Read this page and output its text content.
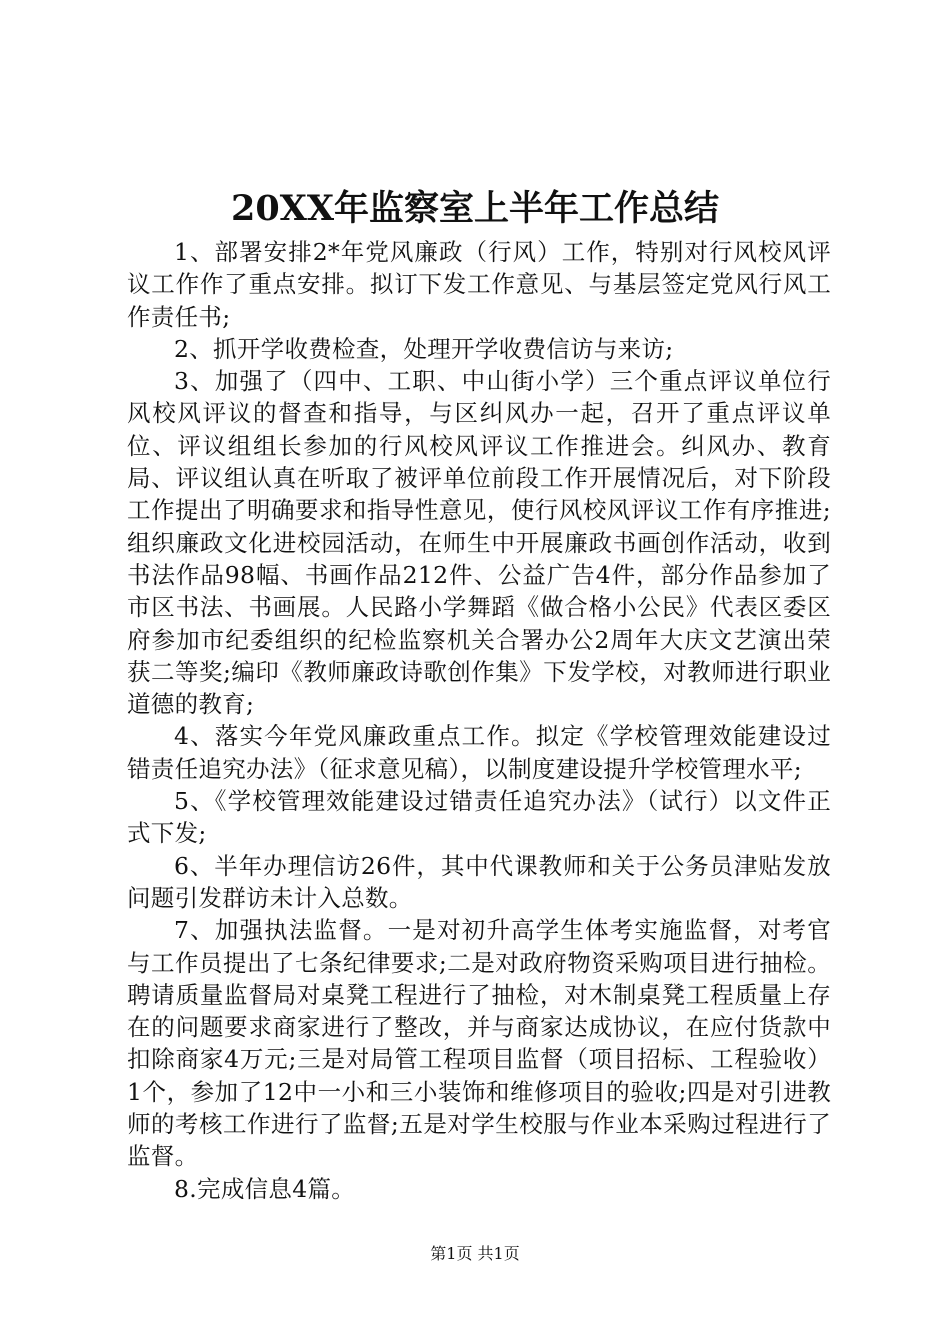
20XX年监察室上半年工作总结

1、部署安排2*年党风廉政（行风）工作，特别对行风校风评议工作作了重点安排。拟订下发工作意见、与基层签定党风行风工作责任书;

2、抓开学收费检查，处理开学收费信访与来访;

3、加强了（四中、工职、中山街小学）三个重点评议单位行风校风评议的督查和指导，与区纠风办一起，召开了重点评议单位、评议组组长参加的行风校风评议工作推进会。纠风办、教育局、评议组认真在听取了被评单位前段工作开展情况后，对下阶段工作提出了明确要求和指导性意见，使行风校风评议工作有序推进;组织廉政文化进校园活动，在师生中开展廉政书画创作活动，收到书法作品98幅、书画作品212件、公益广告4件，部分作品参加了市区书法、书画展。人民路小学舞蹈《做合格小公民》代表区委区府参加市纪委组织的纪检监察机关合署办公2周年大庆文艺演出荣获二等奖;编印《教师廉政诗歌创作集》下发学校，对教师进行职业道德的教育;

4、落实今年党风廉政重点工作。拟定《学校管理效能建设过错责任追究办法》（征求意见稿），以制度建设提升学校管理水平;

5、《学校管理效能建设过错责任追究办法》（试行）以文件正式下发;

6、半年办理信访26件，其中代课教师和关于公务员津贴发放问题引发群访未计入总数。

7、加强执法监督。一是对初升高学生体考实施监督，对考官与工作员提出了七条纪律要求;二是对政府物资采购项目进行抽检。聘请质量监督局对桌凳工程进行了抽检，对木制桌凳工程质量上存在的问题要求商家进行了整改，并与商家达成协议，在应付货款中扣除商家4万元;三是对局管工程项目监督（项目招标、工程验收）1个，参加了12中一小和三小装饰和维修项目的验收;四是对引进教师的考核工作进行了监督;五是对学生校服与作业本采购过程进行了监督。

8.完成信息4篇。

第1页 共1页
